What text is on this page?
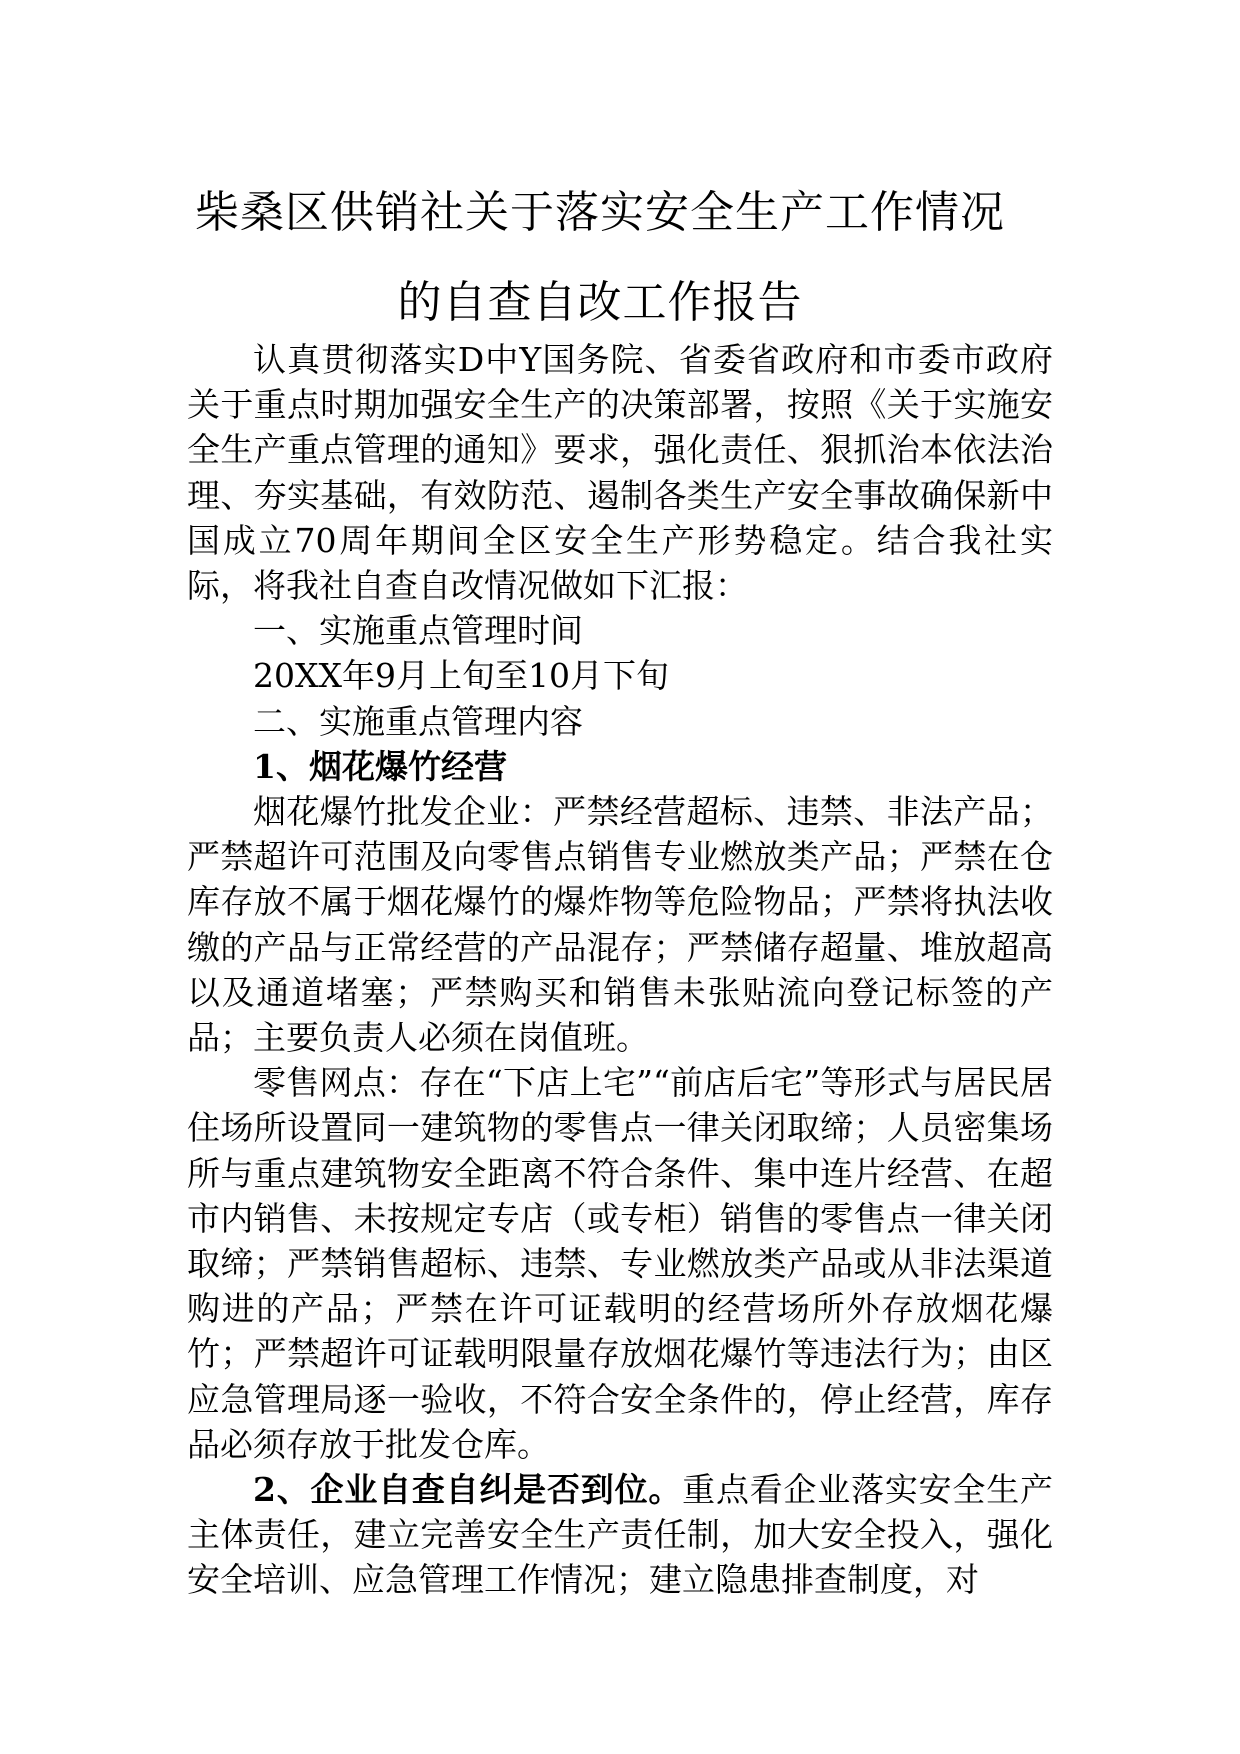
柴桑区供销社关于落实安全生产工作情况
的自查自改工作报告

认真贯彻落实D中Y国务院、省委省政府和市委市政府关于重点时期加强安全生产的决策部署，按照《关于实施安全生产重点管理的通知》要求，强化责任、狠抓治本依法治理、夯实基础，有效防范、遏制各类生产安全事故确保新中国成立70周年期间全区安全生产形势稳定。结合我社实际，将我社自查自改情况做如下汇报：

一、实施重点管理时间

20XX年9月上旬至10月下旬

二、实施重点管理内容

1、烟花爆竹经营

烟花爆竹批发企业：严禁经营超标、违禁、非法产品；严禁超许可范围及向零售点销售专业燃放类产品；严禁在仓库存放不属于烟花爆竹的爆炸物等危险物品；严禁将执法收缴的产品与正常经营的产品混存；严禁储存超量、堆放超高以及通道堵塞；严禁购买和销售未张贴流向登记标签的产品；主要负责人必须在岗值班。

零售网点：存在“下店上宅”“前店后宅”等形式与居民居住场所设置同一建筑物的零售点一律关闭取缔；人员密集场所与重点建筑物安全距离不符合条件、集中连片经营、在超市内销售、未按规定专店（或专柜）销售的零售点一律关闭取缔；严禁销售超标、违禁、专业燃放类产品或从非法渠道购进的产品；严禁在许可证载明的经营场所外存放烟花爆竹；严禁超许可证载明限量存放烟花爆竹等违法行为；由区应急管理局逐一验收，不符合安全条件的，停止经营，库存品必须存放于批发仓库。

2、企业自查自纠是否到位。重点看企业落实安全生产主体责任，建立完善安全生产责任制，加大安全投入，强化安全培训、应急管理工作情况；建立隐患排查制度，对
